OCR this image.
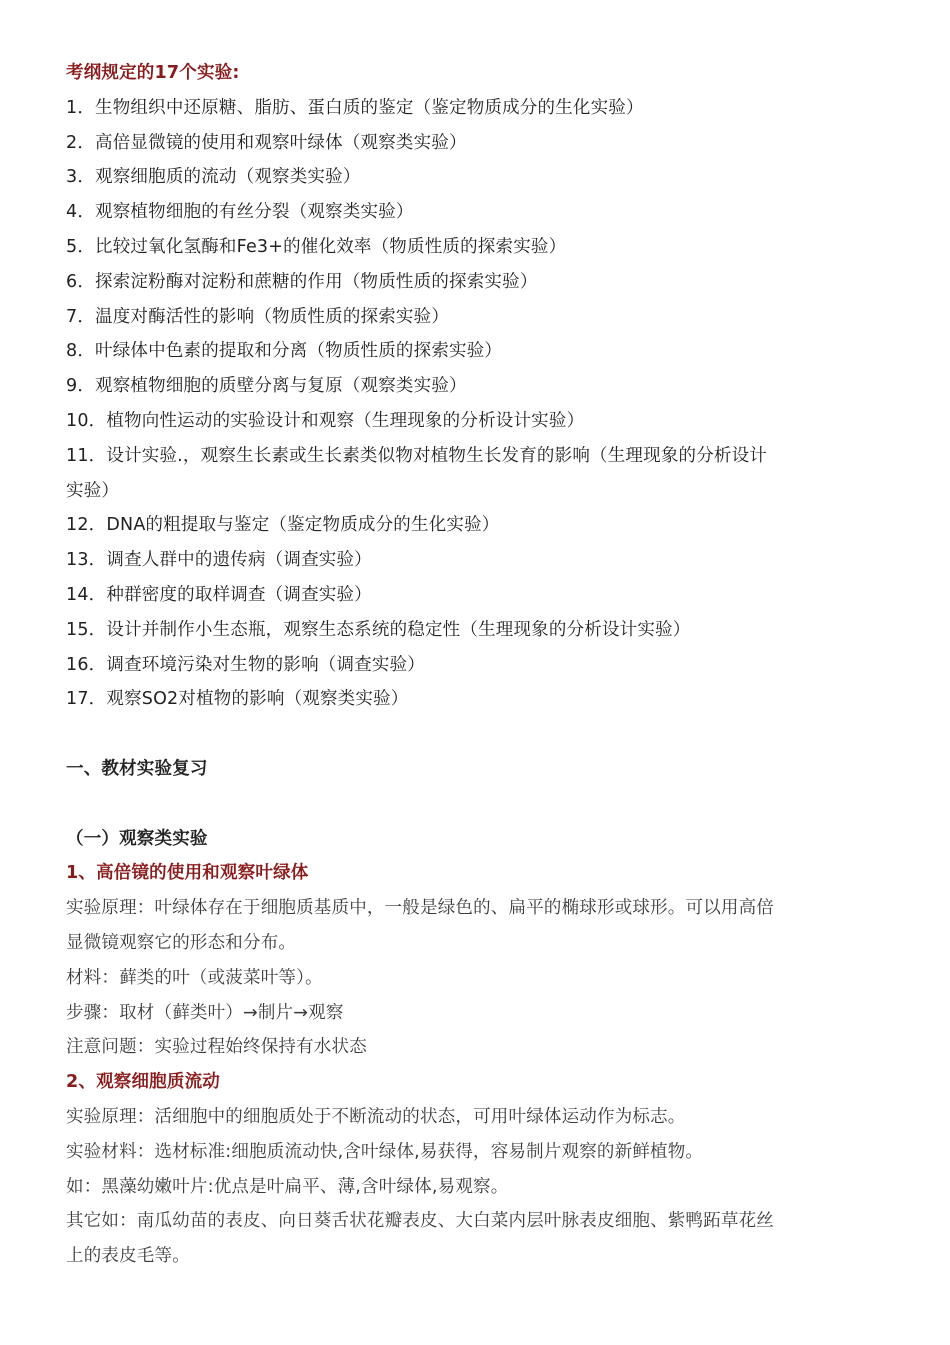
考纲规定的17个实验:
1．生物组织中还原糖、脂肪、蛋白质的鉴定（鉴定物质成分的生化实验）
2．高倍显微镜的使用和观察叶绿体（观察类实验）
3．观察细胞质的流动（观察类实验）
4．观察植物细胞的有丝分裂（观察类实验）
5．比较过氧化氢酶和Fe3+的催化效率（物质性质的探索实验）
6．探索淀粉酶对淀粉和蔗糖的作用（物质性质的探索实验）
7．温度对酶活性的影响（物质性质的探索实验）
8．叶绿体中色素的提取和分离（物质性质的探索实验）
9．观察植物细胞的质壁分离与复原（观察类实验）
10．植物向性运动的实验设计和观察（生理现象的分析设计实验）
11．设计实验.，观察生长素或生长素类似物对植物生长发育的影响（生理现象的分析设计
实验）
12．DNA的粗提取与鉴定（鉴定物质成分的生化实验）
13．调查人群中的遗传病（调查实验）
14．种群密度的取样调查（调查实验）
15．设计并制作小生态瓶，观察生态系统的稳定性（生理现象的分析设计实验）
16．调查环境污染对生物的影响（调查实验）
17．观察SO2对植物的影响（观察类实验）
一、教材实验复习
（一）观察类实验
1、高倍镜的使用和观察叶绿体
实验原理：叶绿体存在于细胞质基质中，一般是绿色的、扁平的椭球形或球形。可以用高倍
显微镜观察它的形态和分布。
材料：藓类的叶（或菠菜叶等）。
步骤：取材（藓类叶）→制片→观察
注意问题：实验过程始终保持有水状态
2、观察细胞质流动
实验原理：活细胞中的细胞质处于不断流动的状态，可用叶绿体运动作为标志。
实验材料：选材标准:细胞质流动快,含叶绿体,易获得，容易制片观察的新鲜植物。
如：黑藻幼嫩叶片:优点是叶扁平、薄,含叶绿体,易观察。
其它如：南瓜幼苗的表皮、向日葵舌状花瓣表皮、大白菜内层叶脉表皮细胞、紫鸭跖草花丝
上的表皮毛等。
